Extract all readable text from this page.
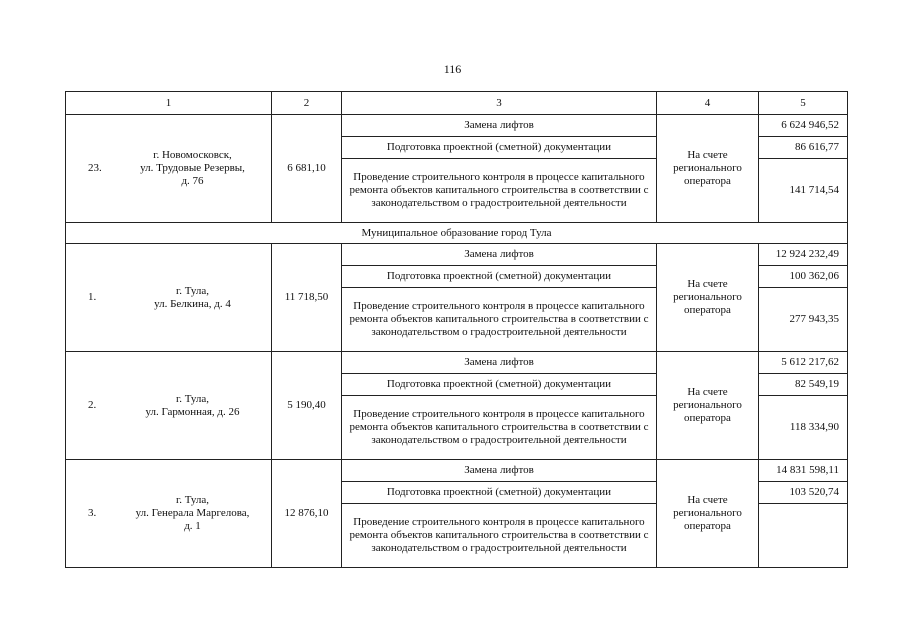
116
1	2	3	4	5

23.
г. Новомосковск,
ул. Трудовые Резервы,
д. 76	6 681,10	Замена лифтов	На счете регионального оператора	6 624 946,52
		Подготовка проектной (сметной) документации		86 616,77
		Проведение строительного контроля в процессе капитального ремонта объектов капитального строительства в соответствии с законодательством о градостроительной деятельности		141 714,54
Муниципальное образование город Тула				

1.
г. Тула,
ул. Белкина, д. 4	11 718,50	Замена лифтов	На счете регионального оператора	12 924 232,49
		Подготовка проектной (сметной) документации		100 362,06
		Проведение строительного контроля в процессе капитального ремонта объектов капитального строительства в соответствии с законодательством о градостроительной деятельности		277 943,35

2.
г. Тула,
ул. Гармонная, д. 26	5 190,40	Замена лифтов	На счете регионального оператора	5 612 217,62
		Подготовка проектной (сметной) документации		82 549,19
		Проведение строительного контроля в процессе капитального ремонта объектов капитального строительства в соответствии с законодательством о градостроительной деятельности		118 334,90

3.
г. Тула,
ул. Генерала Маргелова,
д. 1	12 876,10	Замена лифтов	На счете регионального оператора	14 831 598,11
		Подготовка проектной (сметной) документации		103 520,74
		Проведение строительного контроля в процессе капитального ремонта объектов капитального строительства в соответствии с законодательством о градостроительной деятельности		
